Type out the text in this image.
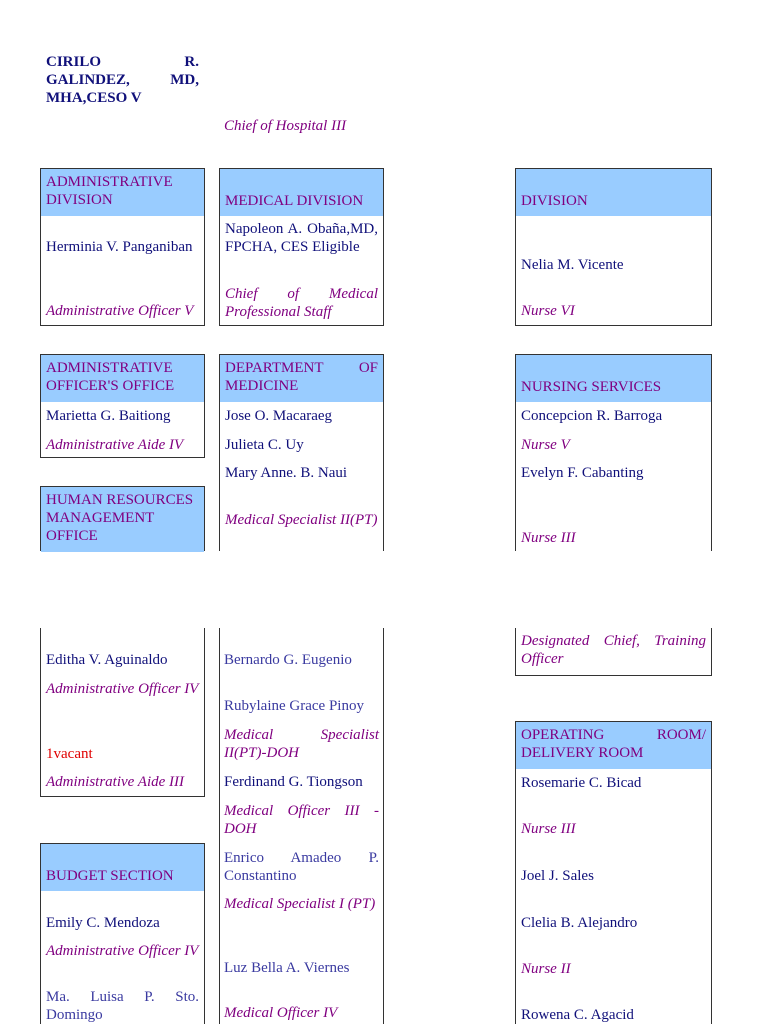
CIRILO R.
GALINDEZ, MD,
MHA,CESO V
Chief of Hospital III
ADMINISTRATIVE
DIVISION
Herminia V. Panganiban
Administrative Officer V
MEDICAL DIVISION
Napoleon A. Obaña,MD, FPCHA, CES Eligible
Chief of Medical Professional Staff
DIVISION
Nelia M. Vicente
Nurse VI
ADMINISTRATIVE OFFICER'S OFFICE
Marietta G. Baitiong
Administrative Aide IV
HUMAN RESOURCES MANAGEMENT OFFICE
Editha V. Aguinaldo
Administrative Officer IV
1vacant
Administrative Aide III
DEPARTMENT OF MEDICINE
Jose O. Macaraeg
Julieta C. Uy
Mary Anne. B. Naui
Medical Specialist II(PT)
Bernardo G. Eugenio
Rubylaine Grace Pinoy
Medical Specialist II(PT)-DOH
Ferdinand G. Tiongson
Medical Officer III - DOH
Enrico Amadeo P. Constantino
Medical Specialist I (PT)
Luz Bella A. Viernes
Medical Officer IV
NURSING SERVICES
Concepcion R. Barroga
Nurse V
Evelyn F. Cabanting
Nurse III
Designated Chief, Training Officer
BUDGET SECTION
Emily C. Mendoza
Administrative Officer IV
Ma. Luisa P. Sto. Domingo
OPERATING ROOM/ DELIVERY ROOM
Rosemarie C. Bicad
Nurse III
Joel J. Sales
Clelia B. Alejandro
Nurse II
Rowena C. Agacid
